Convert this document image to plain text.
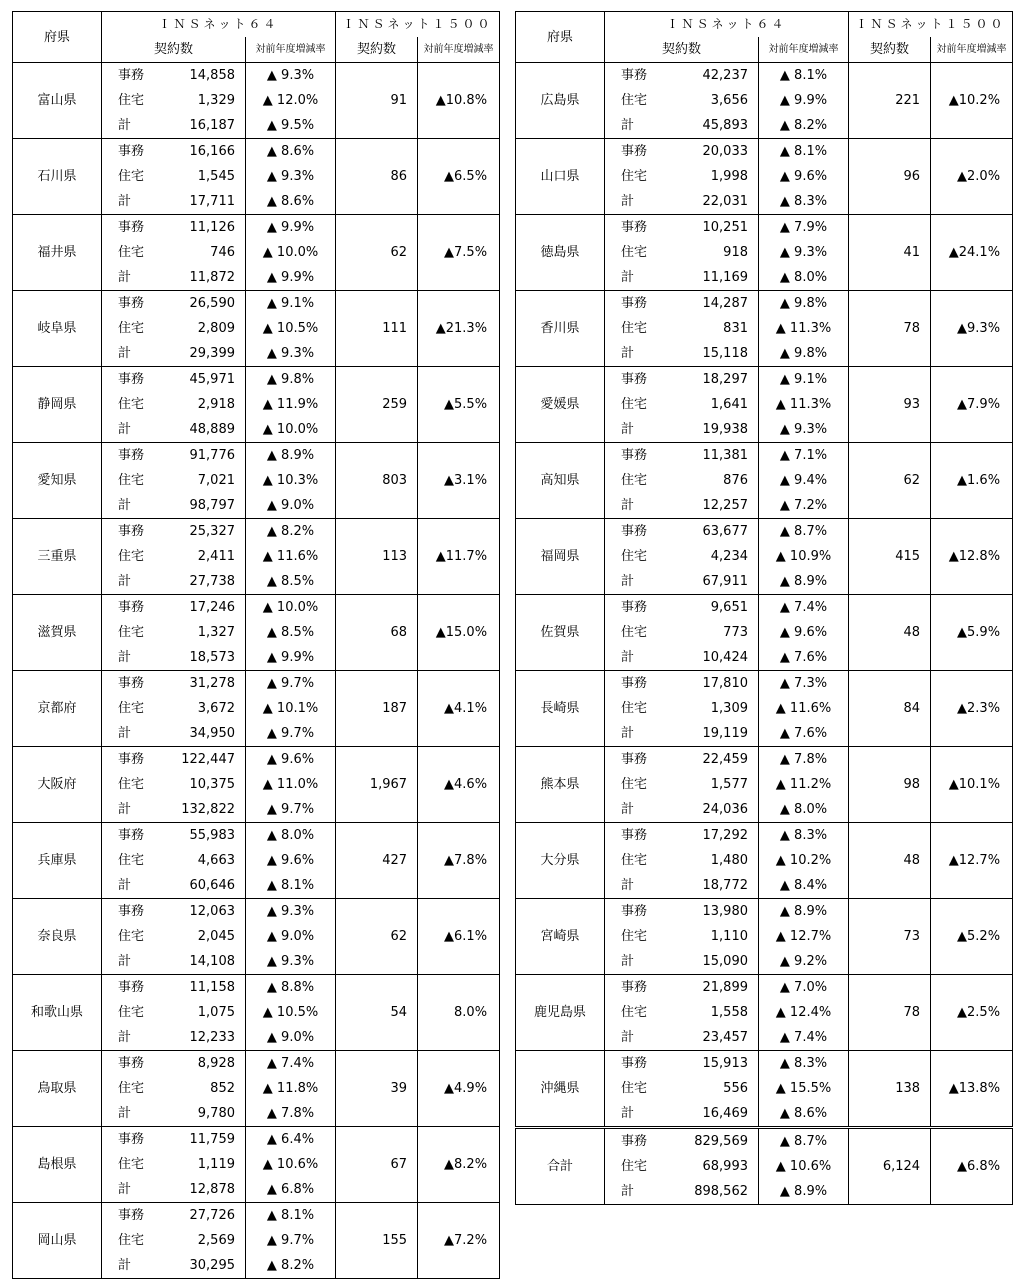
府県	ＩＮＳネット６４			ＩＮＳネット１５００	
	契約数		対前年度増減率	契約数	対前年度増減率
富山県	事務	14,858	▲ 9.3%	91	▲10.8%
	住宅	1,329	▲ 12.0%		
	計	16,187	▲ 9.5%		
石川県	事務	16,166	▲ 8.6%	86	▲6.5%
	住宅	1,545	▲ 9.3%		
	計	17,711	▲ 8.6%		
福井県	事務	11,126	▲ 9.9%	62	▲7.5%
	住宅	746	▲ 10.0%		
	計	11,872	▲ 9.9%		
岐阜県	事務	26,590	▲ 9.1%	111	▲21.3%
	住宅	2,809	▲ 10.5%		
	計	29,399	▲ 9.3%		
静岡県	事務	45,971	▲ 9.8%	259	▲5.5%
	住宅	2,918	▲ 11.9%		
	計	48,889	▲ 10.0%		
愛知県	事務	91,776	▲ 8.9%	803	▲3.1%
	住宅	7,021	▲ 10.3%		
	計	98,797	▲ 9.0%		
三重県	事務	25,327	▲ 8.2%	113	▲11.7%
	住宅	2,411	▲ 11.6%		
	計	27,738	▲ 8.5%		
滋賀県	事務	17,246	▲ 10.0%	68	▲15.0%
	住宅	1,327	▲ 8.5%		
	計	18,573	▲ 9.9%		
京都府	事務	31,278	▲ 9.7%	187	▲4.1%
	住宅	3,672	▲ 10.1%		
	計	34,950	▲ 9.7%		
大阪府	事務	122,447	▲ 9.6%	1,967	▲4.6%
	住宅	10,375	▲ 11.0%		
	計	132,822	▲ 9.7%		
兵庫県	事務	55,983	▲ 8.0%	427	▲7.8%
	住宅	4,663	▲ 9.6%		
	計	60,646	▲ 8.1%		
奈良県	事務	12,063	▲ 9.3%	62	▲6.1%
	住宅	2,045	▲ 9.0%		
	計	14,108	▲ 9.3%		
和歌山県	事務	11,158	▲ 8.8%	54	8.0%
	住宅	1,075	▲ 10.5%		
	計	12,233	▲ 9.0%		
鳥取県	事務	8,928	▲ 7.4%	39	▲4.9%
	住宅	852	▲ 11.8%		
	計	9,780	▲ 7.8%		
島根県	事務	11,759	▲ 6.4%	67	▲8.2%
	住宅	1,119	▲ 10.6%		
	計	12,878	▲ 6.8%		
岡山県	事務	27,726	▲ 8.1%	155	▲7.2%
	住宅	2,569	▲ 9.7%		
	計	30,295	▲ 8.2%		
府県	ＩＮＳネット６４			ＩＮＳネット１５００	
	契約数		対前年度増減率	契約数	対前年度増減率
広島県	事務	42,237	▲ 8.1%	221	▲10.2%
	住宅	3,656	▲ 9.9%		
	計	45,893	▲ 8.2%		
山口県	事務	20,033	▲ 8.1%	96	▲2.0%
	住宅	1,998	▲ 9.6%		
	計	22,031	▲ 8.3%		
徳島県	事務	10,251	▲ 7.9%	41	▲24.1%
	住宅	918	▲ 9.3%		
	計	11,169	▲ 8.0%		
香川県	事務	14,287	▲ 9.8%	78	▲9.3%
	住宅	831	▲ 11.3%		
	計	15,118	▲ 9.8%		
愛媛県	事務	18,297	▲ 9.1%	93	▲7.9%
	住宅	1,641	▲ 11.3%		
	計	19,938	▲ 9.3%		
高知県	事務	11,381	▲ 7.1%	62	▲1.6%
	住宅	876	▲ 9.4%		
	計	12,257	▲ 7.2%		
福岡県	事務	63,677	▲ 8.7%	415	▲12.8%
	住宅	4,234	▲ 10.9%		
	計	67,911	▲ 8.9%		
佐賀県	事務	9,651	▲ 7.4%	48	▲5.9%
	住宅	773	▲ 9.6%		
	計	10,424	▲ 7.6%		
長崎県	事務	17,810	▲ 7.3%	84	▲2.3%
	住宅	1,309	▲ 11.6%		
	計	19,119	▲ 7.6%		
熊本県	事務	22,459	▲ 7.8%	98	▲10.1%
	住宅	1,577	▲ 11.2%		
	計	24,036	▲ 8.0%		
大分県	事務	17,292	▲ 8.3%	48	▲12.7%
	住宅	1,480	▲ 10.2%		
	計	18,772	▲ 8.4%		
宮崎県	事務	13,980	▲ 8.9%	73	▲5.2%
	住宅	1,110	▲ 12.7%		
	計	15,090	▲ 9.2%		
鹿児島県	事務	21,899	▲ 7.0%	78	▲2.5%
	住宅	1,558	▲ 12.4%		
	計	23,457	▲ 7.4%		
沖縄県	事務	15,913	▲ 8.3%	138	▲13.8%
	住宅	556	▲ 15.5%		
	計	16,469	▲ 8.6%		
合計	事務	829,569	▲ 8.7%	6,124	▲6.8%
	住宅	68,993	▲ 10.6%		
	計	898,562	▲ 8.9%		
